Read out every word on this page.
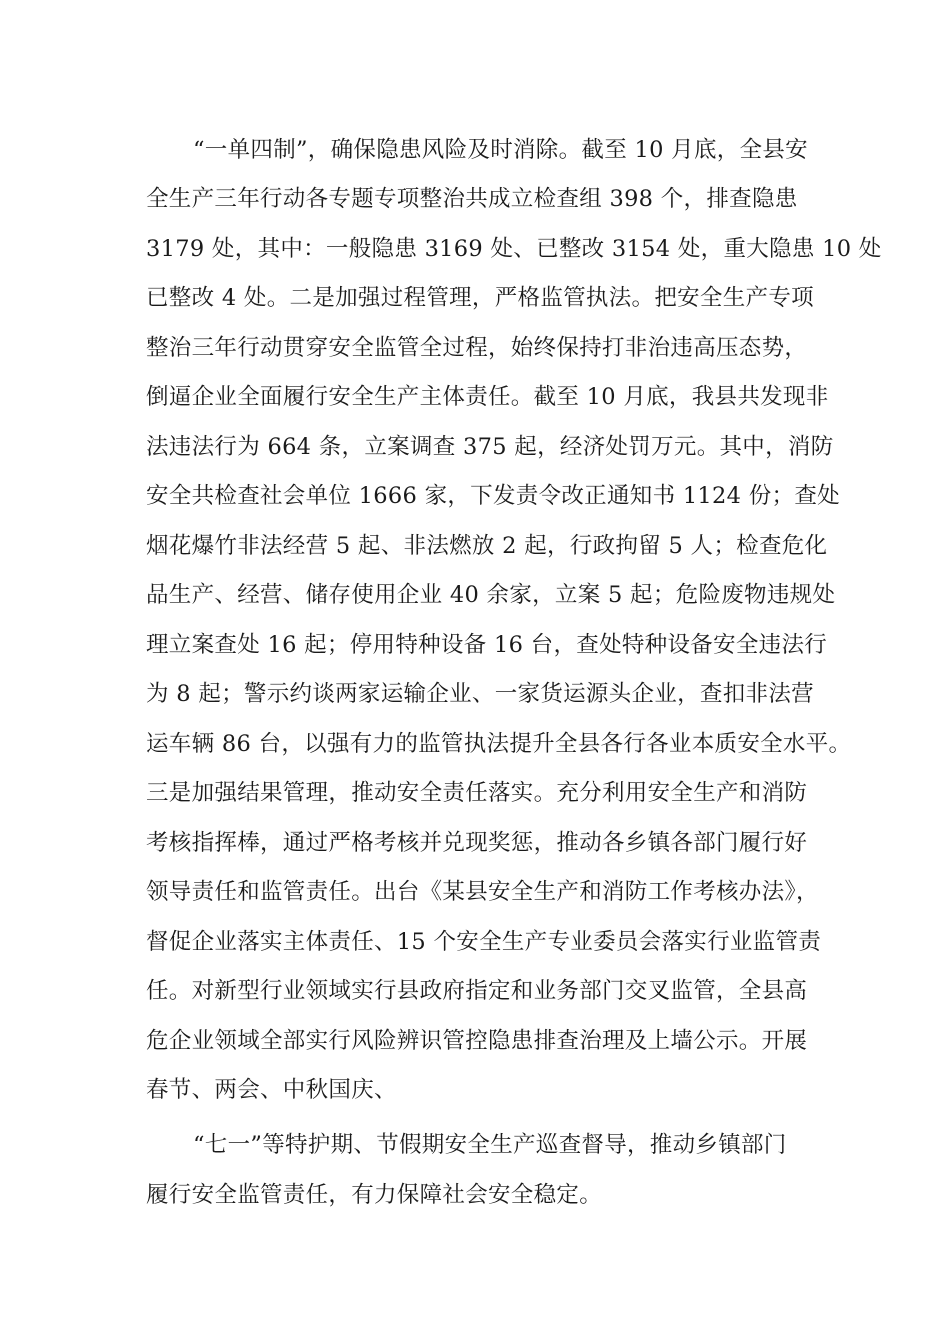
“一单四制”，确保隐患风险及时消除。截至 10 月底，全县安
全生产三年行动各专题专项整治共成立检查组 398 个，排查隐患
3179 处，其中：一般隐患 3169 处、已整改 3154 处，重大隐患 10 处
已整改 4 处。二是加强过程管理，严格监管执法。把安全生产专项
整治三年行动贯穿安全监管全过程，始终保持打非治违高压态势，
倒逼企业全面履行安全生产主体责任。截至 10 月底，我县共发现非
法违法行为 664 条，立案调查 375 起，经济处罚万元。其中，消防
安全共检查社会单位 1666 家，下发责令改正通知书 1124 份；查处
烟花爆竹非法经营 5 起、非法燃放 2 起，行政拘留 5 人；检查危化
品生产、经营、储存使用企业 40 余家，立案 5 起；危险废物违规处
理立案查处 16 起；停用特种设备 16 台，查处特种设备安全违法行
为 8 起；警示约谈两家运输企业、一家货运源头企业，查扣非法营
运车辆 86 台，以强有力的监管执法提升全县各行各业本质安全水平。
三是加强结果管理，推动安全责任落实。充分利用安全生产和消防
考核指挥棒，通过严格考核并兑现奖惩，推动各乡镇各部门履行好
领导责任和监管责任。出台《某县安全生产和消防工作考核办法》，
督促企业落实主体责任、15 个安全生产专业委员会落实行业监管责
任。对新型行业领域实行县政府指定和业务部门交叉监管，全县高
危企业领域全部实行风险辨识管控隐患排查治理及上墙公示。开展
春节、两会、中秋国庆、
“七一”等特护期、节假期安全生产巡查督导，推动乡镇部门
履行安全监管责任，有力保障社会安全稳定。
